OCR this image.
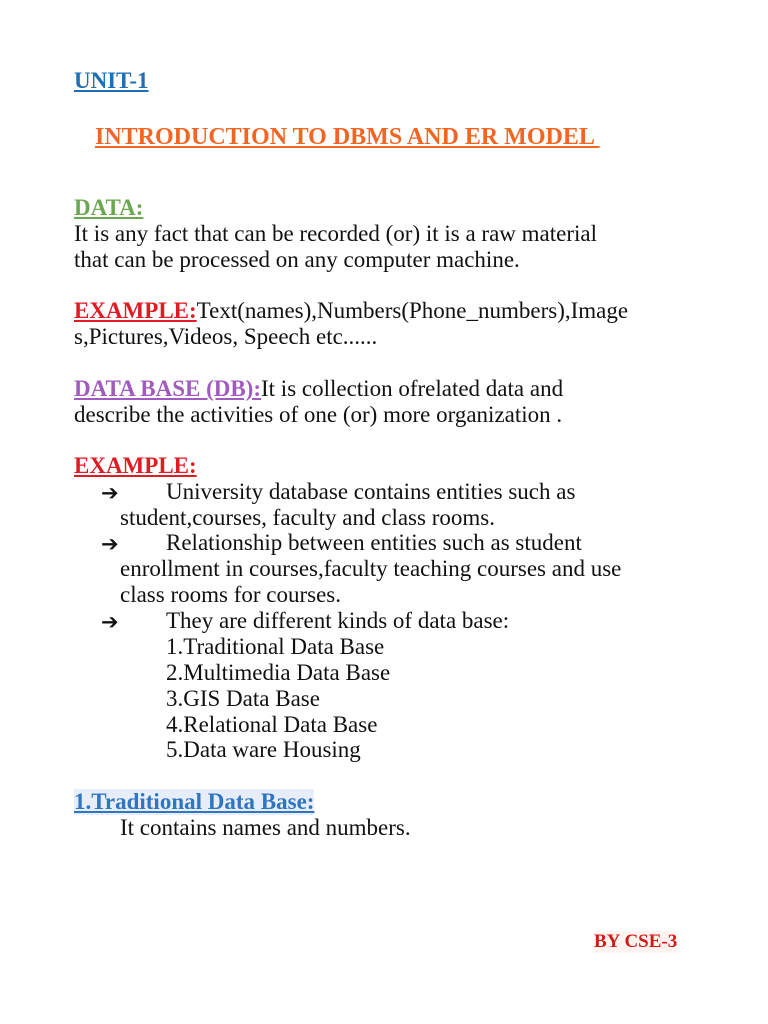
UNIT-1
INTRODUCTION TO DBMS AND ER MODEL
DATA:
It is any fact that can be recorded (or) it is a raw material
that can be processed on any computer machine.
EXAMPLE:Text(names),Numbers(Phone_numbers),Image
s,Pictures,Videos, Speech etc......
DATA BASE (DB):It is collection ofrelated data and
describe the activities of one (or) more organization .
EXAMPLE:
➔ University database contains entities such as
student,courses, faculty and class rooms.
➔ Relationship between entities such as student
enrollment in courses,faculty teaching courses and use
class rooms for courses.
➔ They are different kinds of data base:
1.Traditional Data Base
2.Multimedia Data Base
3.GIS Data Base
4.Relational Data Base
5.Data ware Housing
1.Traditional Data Base:
It contains names and numbers.
BY CSE-3
